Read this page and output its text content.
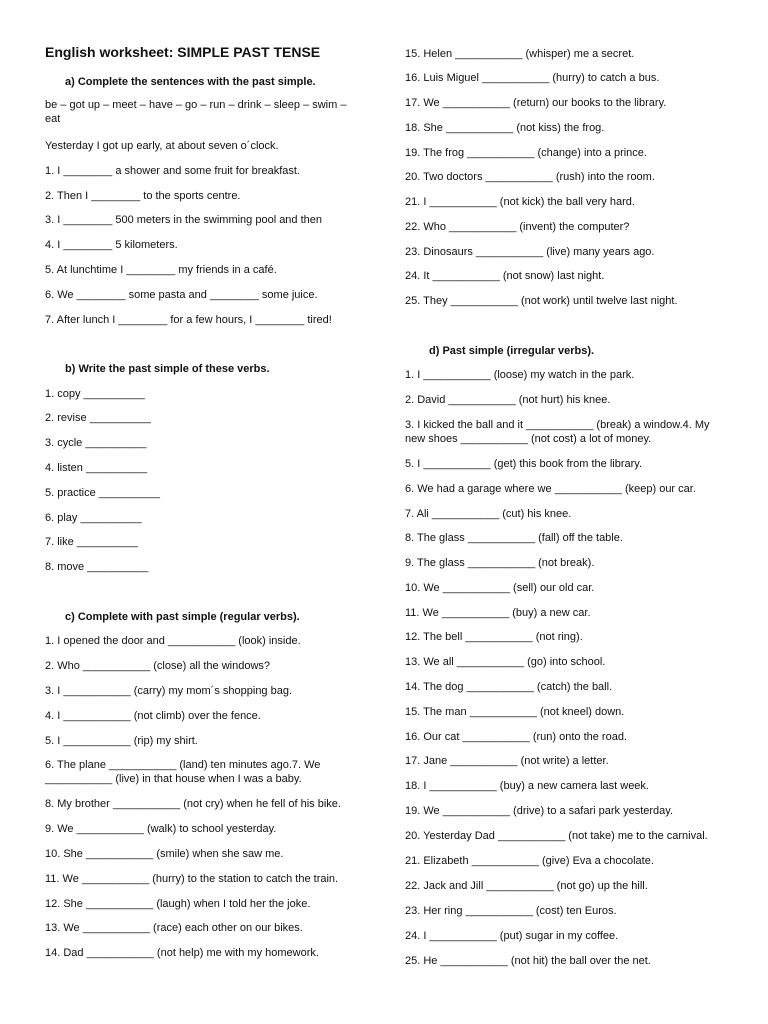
English worksheet: SIMPLE PAST TENSE
a) Complete the sentences with the past simple.
be – got up – meet – have – go – run – drink – sleep – swim – eat
Yesterday I got up early, at about seven o´clock.
1. I ________ a shower and some fruit for breakfast.
2. Then I ________ to the sports centre.
3. I ________ 500 meters in the swimming pool and then
4. I ________ 5 kilometers.
5. At lunchtime I ________ my friends in a café.
6. We ________ some pasta and ________ some juice.
7. After lunch I ________ for a few hours, I ________ tired!
b) Write the past simple of these verbs.
1. copy __________
2. revise __________
3. cycle __________
4. listen __________
5. practice __________
6. play __________
7. like __________
8. move __________
c) Complete with past simple (regular verbs).
1. I opened the door and ___________ (look) inside.
2. Who ___________ (close) all the windows?
3. I ___________ (carry) my mom´s shopping bag.
4. I ___________ (not climb) over the fence.
5. I ___________ (rip) my shirt.
6. The plane ___________ (land) ten minutes ago.7. We ___________ (live) in that house when I was a baby.
8. My brother ___________ (not cry) when he fell of his bike.
9. We ___________ (walk) to school yesterday.
10. She ___________ (smile) when she saw me.
11. We ___________ (hurry) to the station to catch the train.
12. She ___________ (laugh) when I told her the joke.
13. We ___________ (race) each other on our bikes.
14. Dad ___________ (not help) me with my homework.
15. Helen ___________ (whisper) me a secret.
16. Luis Miguel ___________ (hurry) to catch a bus.
17. We ___________ (return) our books to the library.
18. She ___________ (not kiss) the frog.
19. The frog ___________ (change) into a prince.
20. Two doctors ___________ (rush) into the room.
21. I ___________ (not kick) the ball very hard.
22. Who ___________ (invent) the computer?
23. Dinosaurs ___________ (live) many years ago.
24. It ___________ (not snow) last night.
25. They ___________ (not work) until twelve last night.
d) Past simple (irregular verbs).
1. I ___________ (loose) my watch in the park.
2. David ___________ (not hurt) his knee.
3. I kicked the ball and it ___________ (break) a window.4. My new shoes ___________ (not cost) a lot of money.
5. I ___________ (get) this book from the library.
6. We had a garage where we ___________ (keep) our car.
7. Ali ___________ (cut) his knee.
8. The glass ___________ (fall) off the table.
9. The glass ___________ (not break).
10. We ___________ (sell) our old car.
11. We ___________ (buy) a new car.
12. The bell ___________ (not ring).
13. We all ___________ (go) into school.
14. The dog ___________ (catch) the ball.
15. The man ___________ (not kneel) down.
16. Our cat ___________ (run) onto the road.
17. Jane ___________ (not write) a letter.
18. I ___________ (buy) a new camera last week.
19. We ___________ (drive) to a safari park yesterday.
20. Yesterday Dad ___________ (not take) me to the carnival.
21. Elizabeth ___________ (give) Eva a chocolate.
22. Jack and Jill ___________ (not go) up the hill.
23. Her ring ___________ (cost) ten Euros.
24. I ___________ (put) sugar in my coffee.
25. He ___________ (not hit) the ball over the net.
